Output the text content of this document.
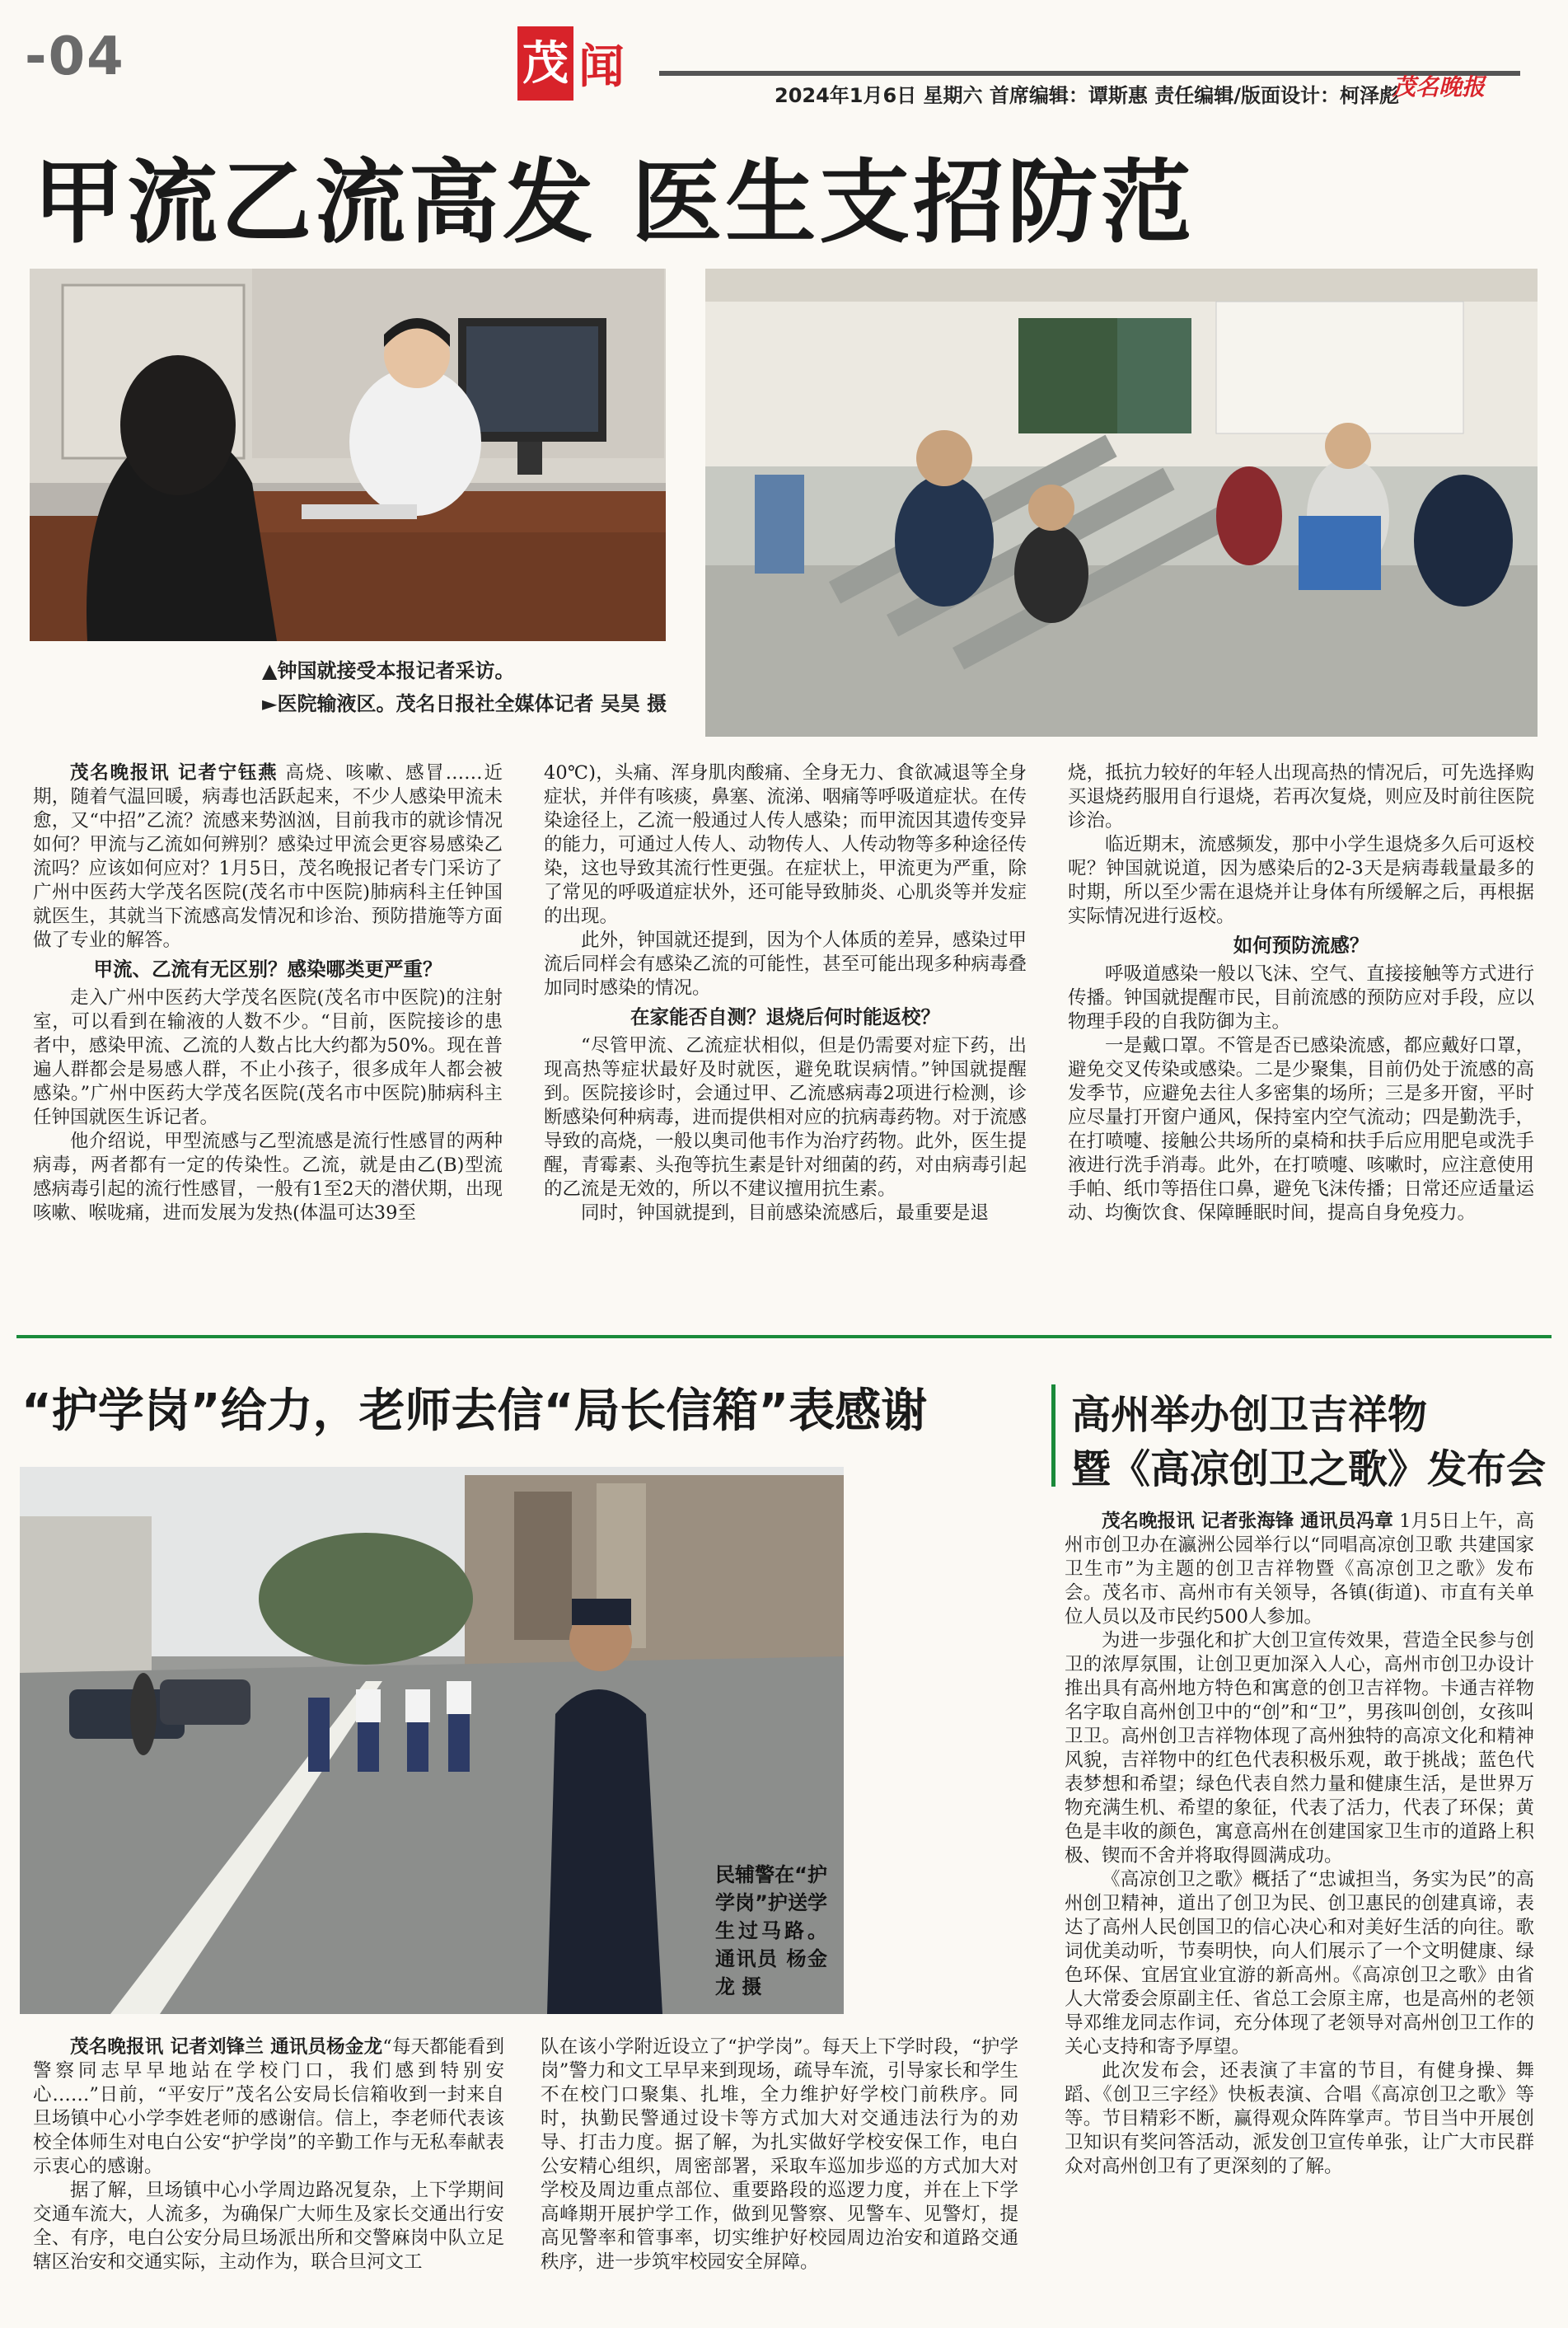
-04	茂 闻
2024年1月6日 星期六 首席编辑：谭斯惠 责任编辑/版面设计：柯泽彪
茂名晚报
甲流乙流高发 医生支招防范
▲钟国就接受本报记者采访。
►医院输液区。茂名日报社全媒体记者 吴昊 摄

茂名晚报讯 记者宁钰燕 高烧、咳嗽、感冒……近期，随着气温回暖，病毒也活跃起来，不少人感染甲流未愈，又“中招”乙流？流感来势汹汹，目前我市的就诊情况如何？甲流与乙流如何辨别？感染过甲流会更容易感染乙流吗？应该如何应对？1月5日，茂名晚报记者专门采访了广州中医药大学茂名医院(茂名市中医院)肺病科主任钟国就医生，其就当下流感高发情况和诊治、预防措施等方面做了专业的解答。

甲流、乙流有无区别？感染哪类更严重？

走入广州中医药大学茂名医院(茂名市中医院)的注射室，可以看到在输液的人数不少。“目前，医院接诊的患者中，感染甲流、乙流的人数占比大约都为50%。现在普遍人群都会是易感人群，不止小孩子，很多成年人都会被感染。”广州中医药大学茂名医院(茂名市中医院)肺病科主任钟国就医生诉记者。

他介绍说，甲型流感与乙型流感是流行性感冒的两种病毒，两者都有一定的传染性。乙流，就是由乙(B)型流感病毒引起的流行性感冒，一般有1至2天的潜伏期，出现咳嗽、喉咙痛，进而发展为发热(体温可达39至

40℃)，头痛、浑身肌肉酸痛、全身无力、食欲减退等全身症状，并伴有咳痰，鼻塞、流涕、咽痛等呼吸道症状。在传染途径上，乙流一般通过人传人感染；而甲流因其遗传变异的能力，可通过人传人、动物传人、人传动物等多种途径传染，这也导致其流行性更强。在症状上，甲流更为严重，除了常见的呼吸道症状外，还可能导致肺炎、心肌炎等并发症的出现。

此外，钟国就还提到，因为个人体质的差异，感染过甲流后同样会有感染乙流的可能性，甚至可能出现多种病毒叠加同时感染的情况。

在家能否自测？退烧后何时能返校？

“尽管甲流、乙流症状相似，但是仍需要对症下药，出现高热等症状最好及时就医，避免耽误病情。”钟国就提醒到。医院接诊时，会通过甲、乙流感病毒2项进行检测，诊断感染何种病毒，进而提供相对应的抗病毒药物。对于流感导致的高烧，一般以奥司他韦作为治疗药物。此外，医生提醒，青霉素、头孢等抗生素是针对细菌的药，对由病毒引起的乙流是无效的，所以不建议擅用抗生素。

同时，钟国就提到，目前感染流感后，最重要是退

烧，抵抗力较好的年轻人出现高热的情况后，可先选择购买退烧药服用自行退烧，若再次复烧，则应及时前往医院诊治。

临近期末，流感频发，那中小学生退烧多久后可返校呢？钟国就说道，因为感染后的2-3天是病毒载量最多的时期，所以至少需在退烧并让身体有所缓解之后，再根据实际情况进行返校。

如何预防流感？

呼吸道感染一般以飞沫、空气、直接接触等方式进行传播。钟国就提醒市民，目前流感的预防应对手段，应以物理手段的自我防御为主。

一是戴口罩。不管是否已感染流感，都应戴好口罩，避免交叉传染或感染。二是少聚集，目前仍处于流感的高发季节，应避免去往人多密集的场所；三是多开窗，平时应尽量打开窗户通风，保持室内空气流动；四是勤洗手，在打喷嚏、接触公共场所的桌椅和扶手后应用肥皂或洗手液进行洗手消毒。此外，在打喷嚏、咳嗽时，应注意使用手帕、纸巾等捂住口鼻，避免飞沫传播；日常还应适量运动、均衡饮食、保障睡眠时间，提高自身免疫力。

“护学岗”给力，老师去信“局长信箱”表感谢
民辅警在“护学岗”护送学生过马路。 通讯员 杨金龙 摄

茂名晚报讯 记者刘锋兰 通讯员杨金龙“每天都能看到警察同志早早地站在学校门口，我们感到特别安心……”日前，“平安厅”茂名公安局长信箱收到一封来自旦场镇中心小学李姓老师的感谢信。信上，李老师代表该校全体师生对电白公安“护学岗”的辛勤工作与无私奉献表示衷心的感谢。

据了解，旦场镇中心小学周边路况复杂，上下学期间交通车流大，人流多，为确保广大师生及家长交通出行安全、有序，电白公安分局旦场派出所和交警麻岗中队立足辖区治安和交通实际，主动作为，联合旦河文工

队在该小学附近设立了“护学岗”。每天上下学时段，“护学岗”警力和文工早早来到现场，疏导车流，引导家长和学生不在校门口聚集、扎堆，全力维护好学校门前秩序。同时，执勤民警通过设卡等方式加大对交通违法行为的劝导、打击力度。据了解，为扎实做好学校安保工作，电白公安精心组织，周密部署，采取车巡加步巡的方式加大对学校及周边重点部位、重要路段的巡逻力度，并在上下学高峰期开展护学工作，做到见警察、见警车、见警灯，提高见警率和管事率，切实维护好校园周边治安和道路交通秩序，进一步筑牢校园安全屏障。

高州举办创卫吉祥物
暨《高凉创卫之歌》发布会

茂名晚报讯 记者张海锋 通讯员冯章 1月5日上午，高州市创卫办在瀛洲公园举行以“同唱高凉创卫歌 共建国家卫生市”为主题的创卫吉祥物暨《高凉创卫之歌》发布会。茂名市、高州市有关领导，各镇(街道)、市直有关单位人员以及市民约500人参加。

为进一步强化和扩大创卫宣传效果，营造全民参与创卫的浓厚氛围，让创卫更加深入人心，高州市创卫办设计推出具有高州地方特色和寓意的创卫吉祥物。卡通吉祥物名字取自高州创卫中的“创”和“卫”，男孩叫创创，女孩叫卫卫。高州创卫吉祥物体现了高州独特的高凉文化和精神风貌，吉祥物中的红色代表积极乐观，敢于挑战；蓝色代表梦想和希望；绿色代表自然力量和健康生活，是世界万物充满生机、希望的象征，代表了活力，代表了环保；黄色是丰收的颜色，寓意高州在创建国家卫生市的道路上积极、锲而不舍并将取得圆满成功。

《高凉创卫之歌》概括了“忠诚担当，务实为民”的高州创卫精神，道出了创卫为民、创卫惠民的创建真谛，表达了高州人民创国卫的信心决心和对美好生活的向往。歌词优美动听，节奏明快，向人们展示了一个文明健康、绿色环保、宜居宜业宜游的新高州。《高凉创卫之歌》由省人大常委会原副主任、省总工会原主席，也是高州的老领导邓维龙同志作词，充分体现了老领导对高州创卫工作的关心支持和寄予厚望。

此次发布会，还表演了丰富的节目，有健身操、舞蹈、《创卫三字经》快板表演、合唱《高凉创卫之歌》等等。节目精彩不断，赢得观众阵阵掌声。节目当中开展创卫知识有奖问答活动，派发创卫宣传单张，让广大市民群众对高州创卫有了更深刻的了解。
